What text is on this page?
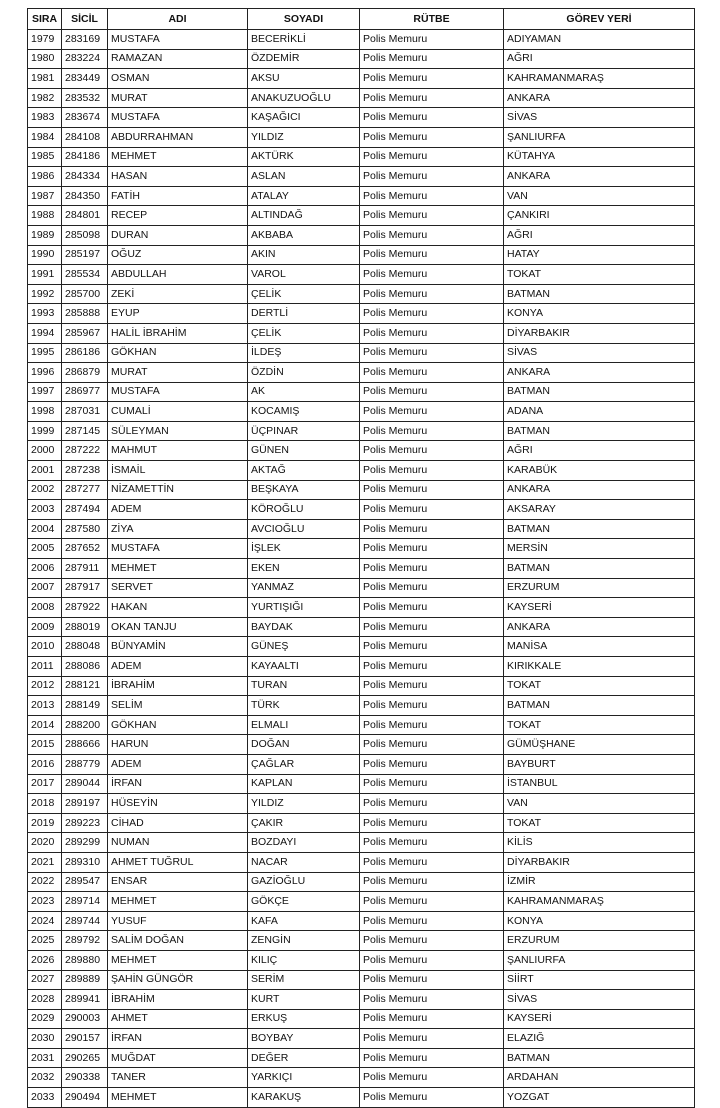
SIRA	SİCİL	ADI	SOYADI	RÜTBE	GÖREV YERİ
1979	283169	MUSTAFA	BECERİKLİ	Polis Memuru	ADIYAMAN
1980	283224	RAMAZAN	ÖZDEMİR	Polis Memuru	AĞRI
1981	283449	OSMAN	AKSU	Polis Memuru	KAHRAMANMARAŞ
1982	283532	MURAT	ANAKUZUOĞLU	Polis Memuru	ANKARA
1983	283674	MUSTAFA	KAŞAĞICI	Polis Memuru	SİVAS
1984	284108	ABDURRAHMAN	YILDIZ	Polis Memuru	ŞANLIURFA
1985	284186	MEHMET	AKTÜRK	Polis Memuru	KÜTAHYA
1986	284334	HASAN	ASLAN	Polis Memuru	ANKARA
1987	284350	FATİH	ATALAY	Polis Memuru	VAN
1988	284801	RECEP	ALTINDAĞ	Polis Memuru	ÇANKIRI
1989	285098	DURAN	AKBABA	Polis Memuru	AĞRI
1990	285197	OĞUZ	AKIN	Polis Memuru	HATAY
1991	285534	ABDULLAH	VAROL	Polis Memuru	TOKAT
1992	285700	ZEKİ	ÇELİK	Polis Memuru	BATMAN
1993	285888	EYUP	DERTLİ	Polis Memuru	KONYA
1994	285967	HALİL İBRAHİM	ÇELİK	Polis Memuru	DİYARBAKIR
1995	286186	GÖKHAN	İLDEŞ	Polis Memuru	SİVAS
1996	286879	MURAT	ÖZDİN	Polis Memuru	ANKARA
1997	286977	MUSTAFA	AK	Polis Memuru	BATMAN
1998	287031	CUMALİ	KOCAMIŞ	Polis Memuru	ADANA
1999	287145	SÜLEYMAN	ÜÇPINAR	Polis Memuru	BATMAN
2000	287222	MAHMUT	GÜNEN	Polis Memuru	AĞRI
2001	287238	İSMAİL	AKTAĞ	Polis Memuru	KARABÜK
2002	287277	NİZAMETTİN	BEŞKAYA	Polis Memuru	ANKARA
2003	287494	ADEM	KÖROĞLU	Polis Memuru	AKSARAY
2004	287580	ZİYA	AVCIOĞLU	Polis Memuru	BATMAN
2005	287652	MUSTAFA	İŞLEK	Polis Memuru	MERSİN
2006	287911	MEHMET	EKEN	Polis Memuru	BATMAN
2007	287917	SERVET	YANMAZ	Polis Memuru	ERZURUM
2008	287922	HAKAN	YURTIŞIĞI	Polis Memuru	KAYSERİ
2009	288019	OKAN TANJU	BAYDAK	Polis Memuru	ANKARA
2010	288048	BÜNYAMİN	GÜNEŞ	Polis Memuru	MANİSA
2011	288086	ADEM	KAYAALTI	Polis Memuru	KIRIKKALE
2012	288121	İBRAHİM	TURAN	Polis Memuru	TOKAT
2013	288149	SELİM	TÜRK	Polis Memuru	BATMAN
2014	288200	GÖKHAN	ELMALI	Polis Memuru	TOKAT
2015	288666	HARUN	DOĞAN	Polis Memuru	GÜMÜŞHANE
2016	288779	ADEM	ÇAĞLAR	Polis Memuru	BAYBURT
2017	289044	İRFAN	KAPLAN	Polis Memuru	İSTANBUL
2018	289197	HÜSEYİN	YILDIZ	Polis Memuru	VAN
2019	289223	CİHAD	ÇAKIR	Polis Memuru	TOKAT
2020	289299	NUMAN	BOZDAYI	Polis Memuru	KİLİS
2021	289310	AHMET TUĞRUL	NACAR	Polis Memuru	DİYARBAKIR
2022	289547	ENSAR	GAZİOĞLU	Polis Memuru	İZMİR
2023	289714	MEHMET	GÖKÇE	Polis Memuru	KAHRAMANMARAŞ
2024	289744	YUSUF	KAFA	Polis Memuru	KONYA
2025	289792	SALİM DOĞAN	ZENGİN	Polis Memuru	ERZURUM
2026	289880	MEHMET	KILIÇ	Polis Memuru	ŞANLIURFA
2027	289889	ŞAHİN GÜNGÖR	SERİM	Polis Memuru	SİİRT
2028	289941	İBRAHİM	KURT	Polis Memuru	SİVAS
2029	290003	AHMET	ERKUŞ	Polis Memuru	KAYSERİ
2030	290157	İRFAN	BOYBAY	Polis Memuru	ELAZIĞ
2031	290265	MUĞDAT	DEĞER	Polis Memuru	BATMAN
2032	290338	TANER	YARKIÇI	Polis Memuru	ARDAHAN
2033	290494	MEHMET	KARAKUŞ	Polis Memuru	YOZGAT
